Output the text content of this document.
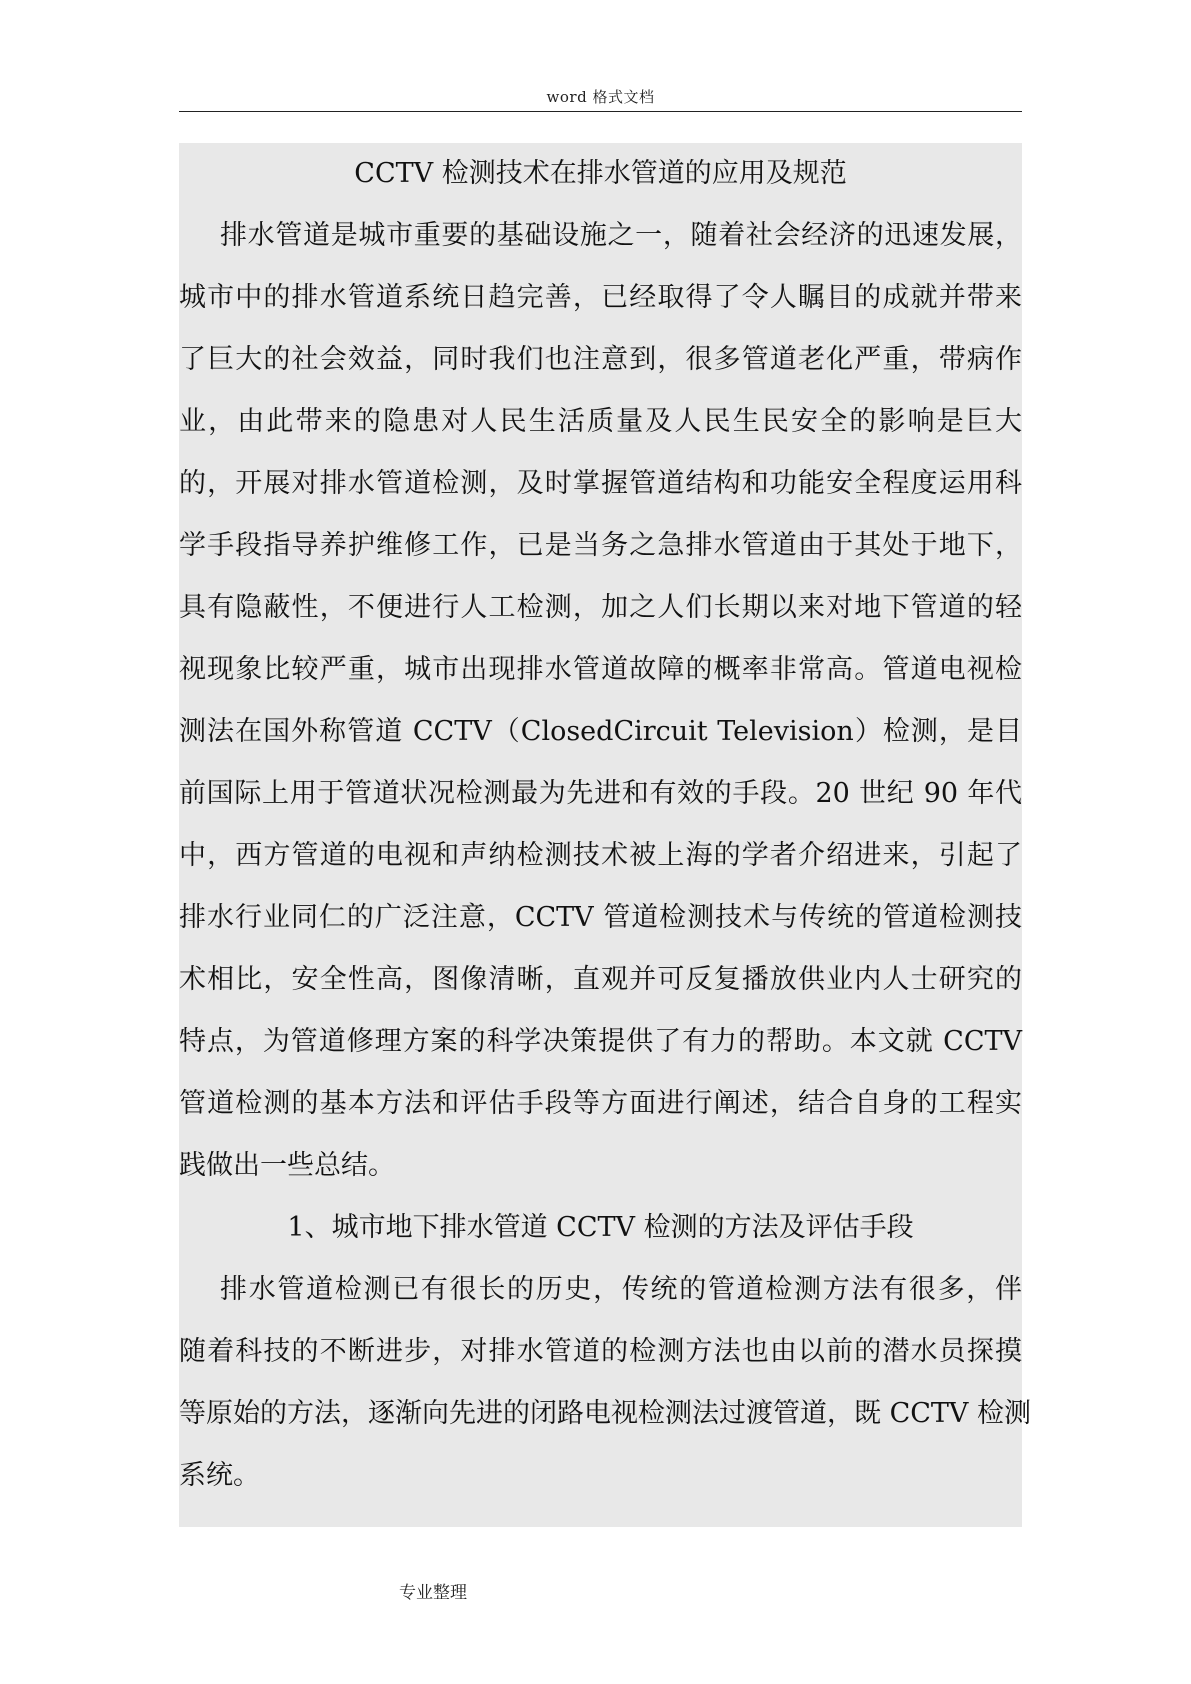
word 格式文档
CCTV 检测技术在排水管道的应用及规范
排水管道是城市重要的基础设施之一，随着社会经济的迅速发展，
城市中的排水管道系统日趋完善，已经取得了令人瞩目的成就并带来
了巨大的社会效益，同时我们也注意到，很多管道老化严重，带病作
业，由此带来的隐患对人民生活质量及人民生民安全的影响是巨大
的，开展对排水管道检测，及时掌握管道结构和功能安全程度运用科
学手段指导养护维修工作，已是当务之急排水管道由于其处于地下，
具有隐蔽性，不便进行人工检测，加之人们长期以来对地下管道的轻
视现象比较严重，城市出现排水管道故障的概率非常高。管道电视检
测法在国外称管道 CCTV（ClosedCircuit Television）检测，是目
前国际上用于管道状况检测最为先进和有效的手段。20 世纪 90 年代
中，西方管道的电视和声纳检测技术被上海的学者介绍进来，引起了
排水行业同仁的广泛注意，CCTV 管道检测技术与传统的管道检测技
术相比，安全性高，图像清晰，直观并可反复播放供业内人士研究的
特点，为管道修理方案的科学决策提供了有力的帮助。本文就 CCTV
管道检测的基本方法和评估手段等方面进行阐述，结合自身的工程实
践做出一些总结。
1、城市地下排水管道 CCTV 检测的方法及评估手段
排水管道检测已有很长的历史，传统的管道检测方法有很多，伴
随着科技的不断进步，对排水管道的检测方法也由以前的潜水员探摸
等原始的方法，逐渐向先进的闭路电视检测法过渡管道，既 CCTV 检测
系统。
专业整理
